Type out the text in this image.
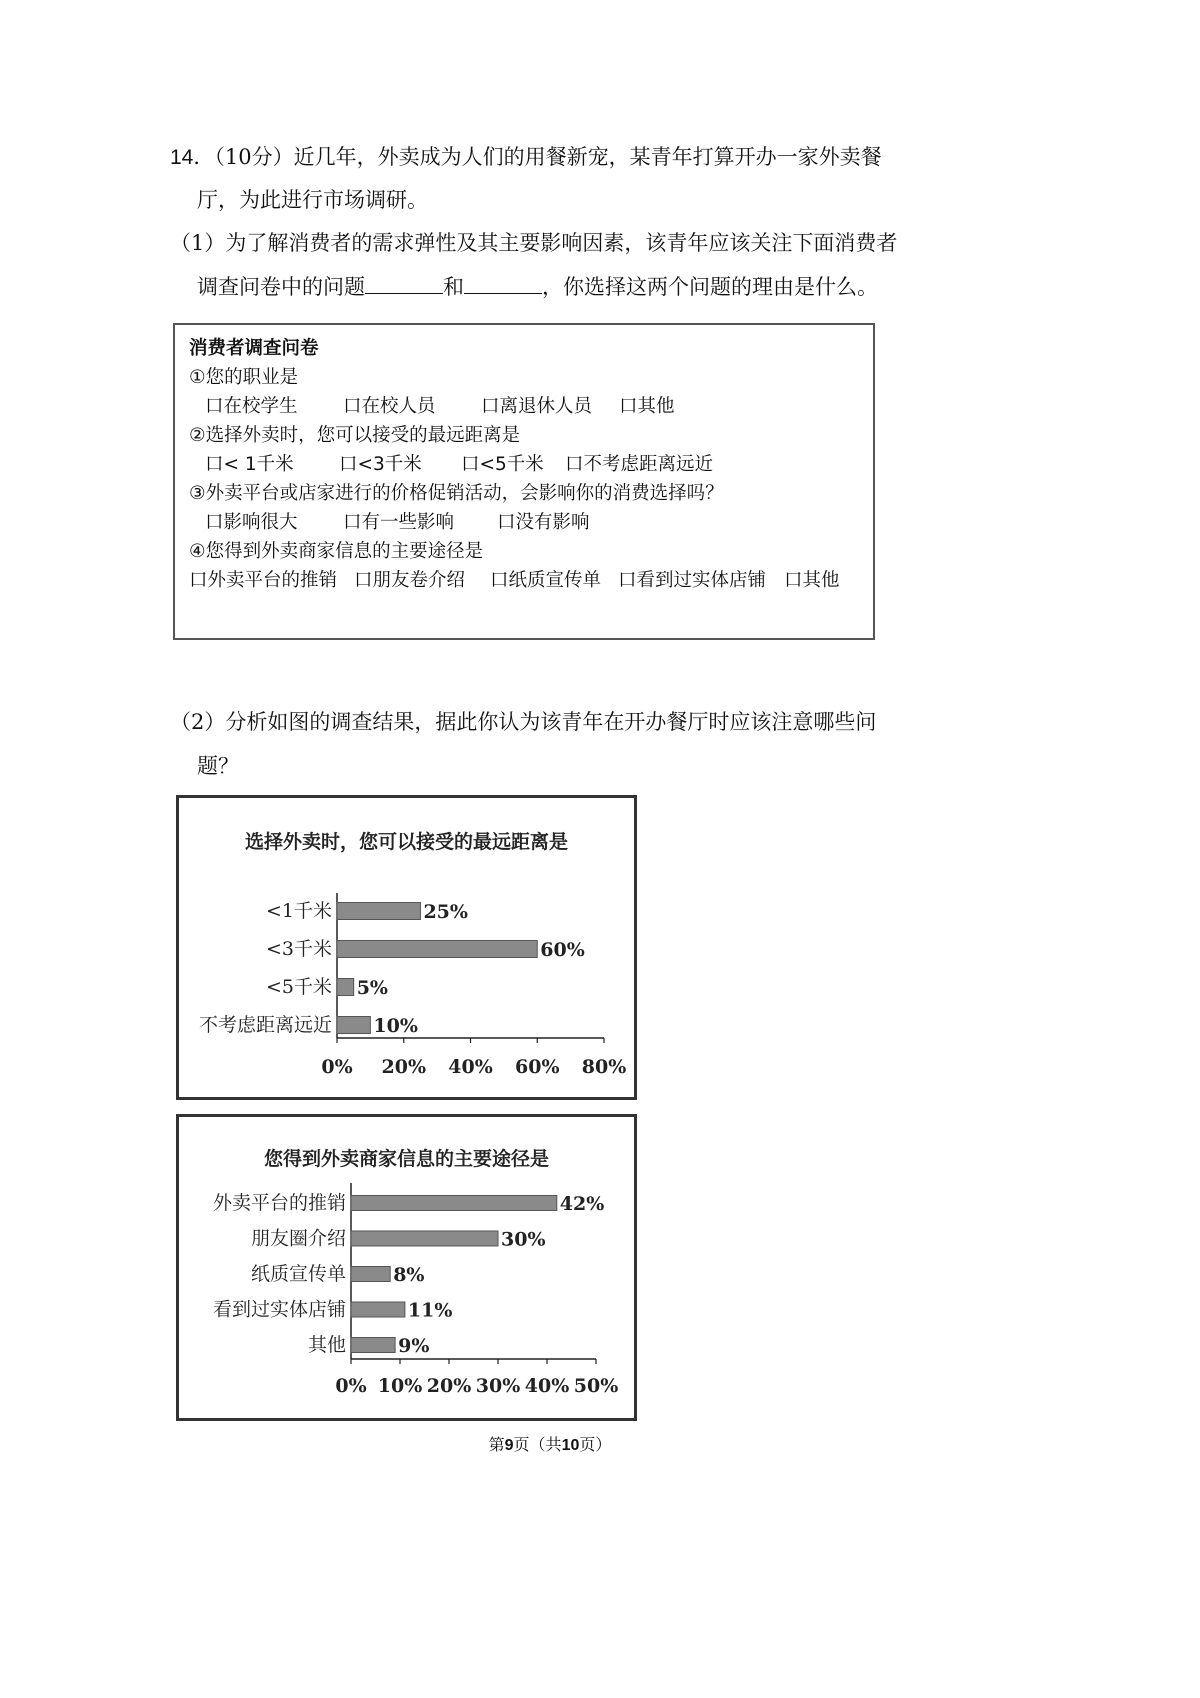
14．（10分）近几年，外卖成为人们的用餐新宠，某青年打算开办一家外卖餐
厅，为此进行市场调研。
（1）为了解消费者的需求弹性及其主要影响因素，该青年应该关注下面消费者
调查问卷中的问题	和	，你选择这两个问题的理由是什么。
消费者调查问卷
①您的职业是
口在校学生 口在校人员 口离退休人员 口其他
②选择外卖时，您可以接受的最远距离是
口< 1千米 口<3千米 口<5千米 口不考虑距离远近
③外卖平台或店家进行的价格促销活动，会影响你的消费选择吗？
口影响很大 口有一些影响 口没有影响
④您得到外卖商家信息的主要途径是
口外卖平台的推销 口朋友卷介绍 口纸质宣传单 口看到过实体店铺 口其他
（2）分析如图的调查结果，据此你认为该青年在开办餐厅时应该注意哪些问
题？
选择外卖时，您可以接受的最远距离是
0% 20% 40% 60% 80%
<1千米	25%
<3千米	60%
<5千米 5%
不考虑距离远近 10%
您得到外卖商家信息的主要途径是
0% 10% 20% 30% 40% 50%
外卖平台的推销	42%
朋友圈介绍	30%
纸质宣传单 8%
看到过实体店铺	11%
其他	9%
第9页（共10页）
